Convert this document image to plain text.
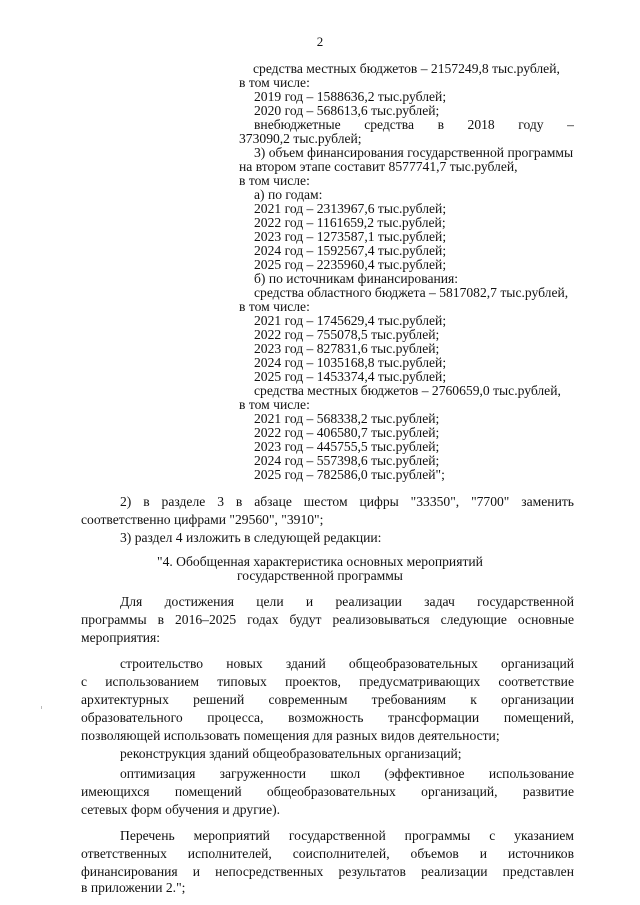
2
средства местных бюджетов – 2157249,8 тыс.рублей,
в том числе:
2019 год – 1588636,2 тыс.рублей;
2020 год – 568613,6 тыс.рублей;
внебюджетные средства в 2018 году –
373090,2 тыс.рублей;
3) объем финансирования государственной программы
на втором этапе составит 8577741,7 тыс.рублей,
в том числе:
а) по годам:
2021 год – 2313967,6 тыс.рублей;
2022 год – 1161659,2 тыс.рублей;
2023 год – 1273587,1 тыс.рублей;
2024 год – 1592567,4 тыс.рублей;
2025 год – 2235960,4 тыс.рублей;
б) по источникам финансирования:
средства областного бюджета – 5817082,7 тыс.рублей,
в том числе:
2021 год – 1745629,4 тыс.рублей;
2022 год – 755078,5 тыс.рублей;
2023 год – 827831,6 тыс.рублей;
2024 год – 1035168,8 тыс.рублей;
2025 год – 1453374,4 тыс.рублей;
средства местных бюджетов – 2760659,0 тыс.рублей,
в том числе:
2021 год – 568338,2 тыс.рублей;
2022 год – 406580,7 тыс.рублей;
2023 год – 445755,5 тыс.рублей;
2024 год – 557398,6 тыс.рублей;
2025 год – 782586,0 тыс.рублей";
2) в разделе 3 в абзаце шестом цифры "33350", "7700" заменить
соответственно цифрами "29560", "3910";
3) раздел 4 изложить в следующей редакции:
"4. Обобщенная характеристика основных мероприятий
государственной программы
Для достижения цели и реализации задач государственной
программы в 2016–2025 годах будут реализовываться следующие основные
мероприятия:
строительство новых зданий общеобразовательных организаций
с использованием типовых проектов, предусматривающих соответствие
архитектурных решений современным требованиям к организации
образовательного процесса, возможность трансформации помещений,
позволяющей использовать помещения для разных видов деятельности;
реконструкция зданий общеобразовательных организаций;
оптимизация загруженности школ (эффективное использование
имеющихся помещений общеобразовательных организаций, развитие
сетевых форм обучения и другие).
Перечень мероприятий государственной программы с указанием
ответственных исполнителей, соисполнителей, объемов и источников
финансирования и непосредственных результатов реализации представлен
в приложении 2.";
